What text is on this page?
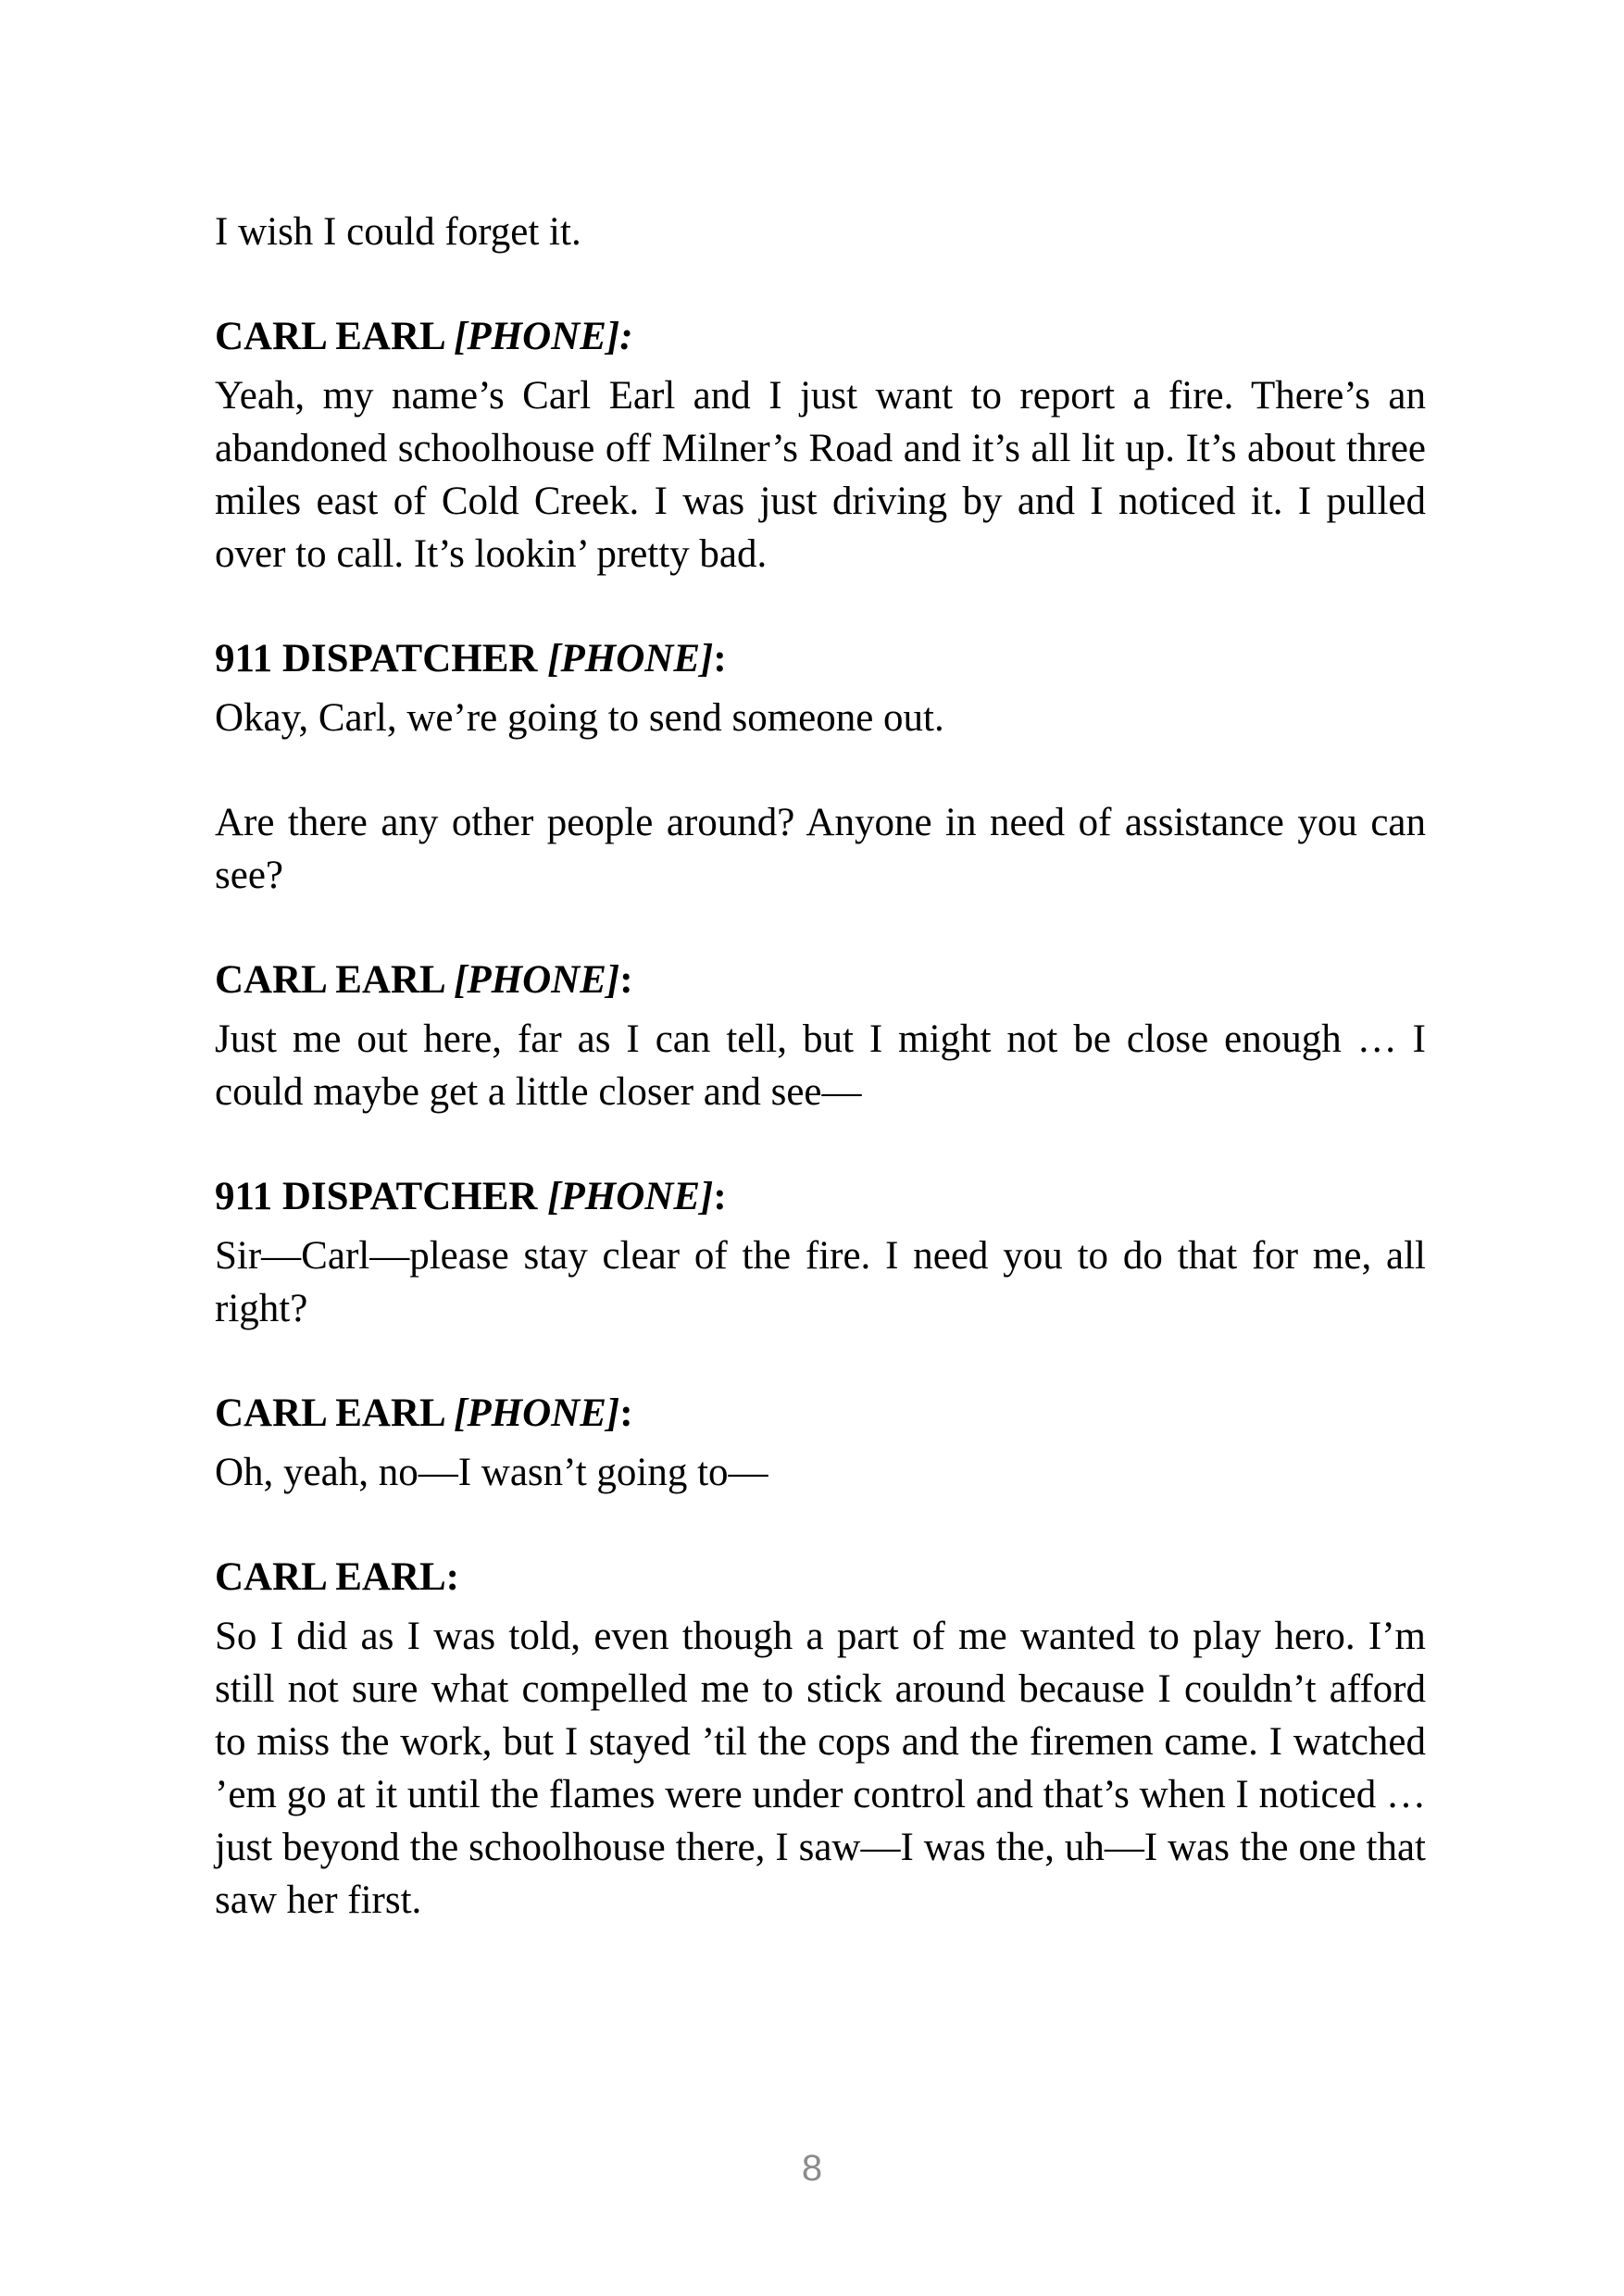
I wish I could forget it.

CARL EARL [PHONE]:

Yeah, my name’s Carl Earl and I just want to report a fire. There’s an abandoned schoolhouse off Milner’s Road and it’s all lit up. It’s about three miles east of Cold Creek. I was just driving by and I noticed it. I pulled over to call. It’s lookin’ pretty bad.

911 DISPATCHER [PHONE]:

Okay, Carl, we’re going to send someone out.

Are there any other people around? Anyone in need of assistance you can see?

CARL EARL [PHONE]:

Just me out here, far as I can tell, but I might not be close enough … I could maybe get a little closer and see—

911 DISPATCHER [PHONE]:

Sir—Carl—please stay clear of the fire. I need you to do that for me, all right?

CARL EARL [PHONE]:

Oh, yeah, no—I wasn’t going to—

CARL EARL:

So I did as I was told, even though a part of me wanted to play hero. I’m still not sure what compelled me to stick around because I couldn’t afford to miss the work, but I stayed ’til the cops and the firemen came. I watched ’em go at it until the flames were under control and that’s when I noticed … just beyond the schoolhouse there, I saw—I was the, uh—I was the one that saw her first.

8
